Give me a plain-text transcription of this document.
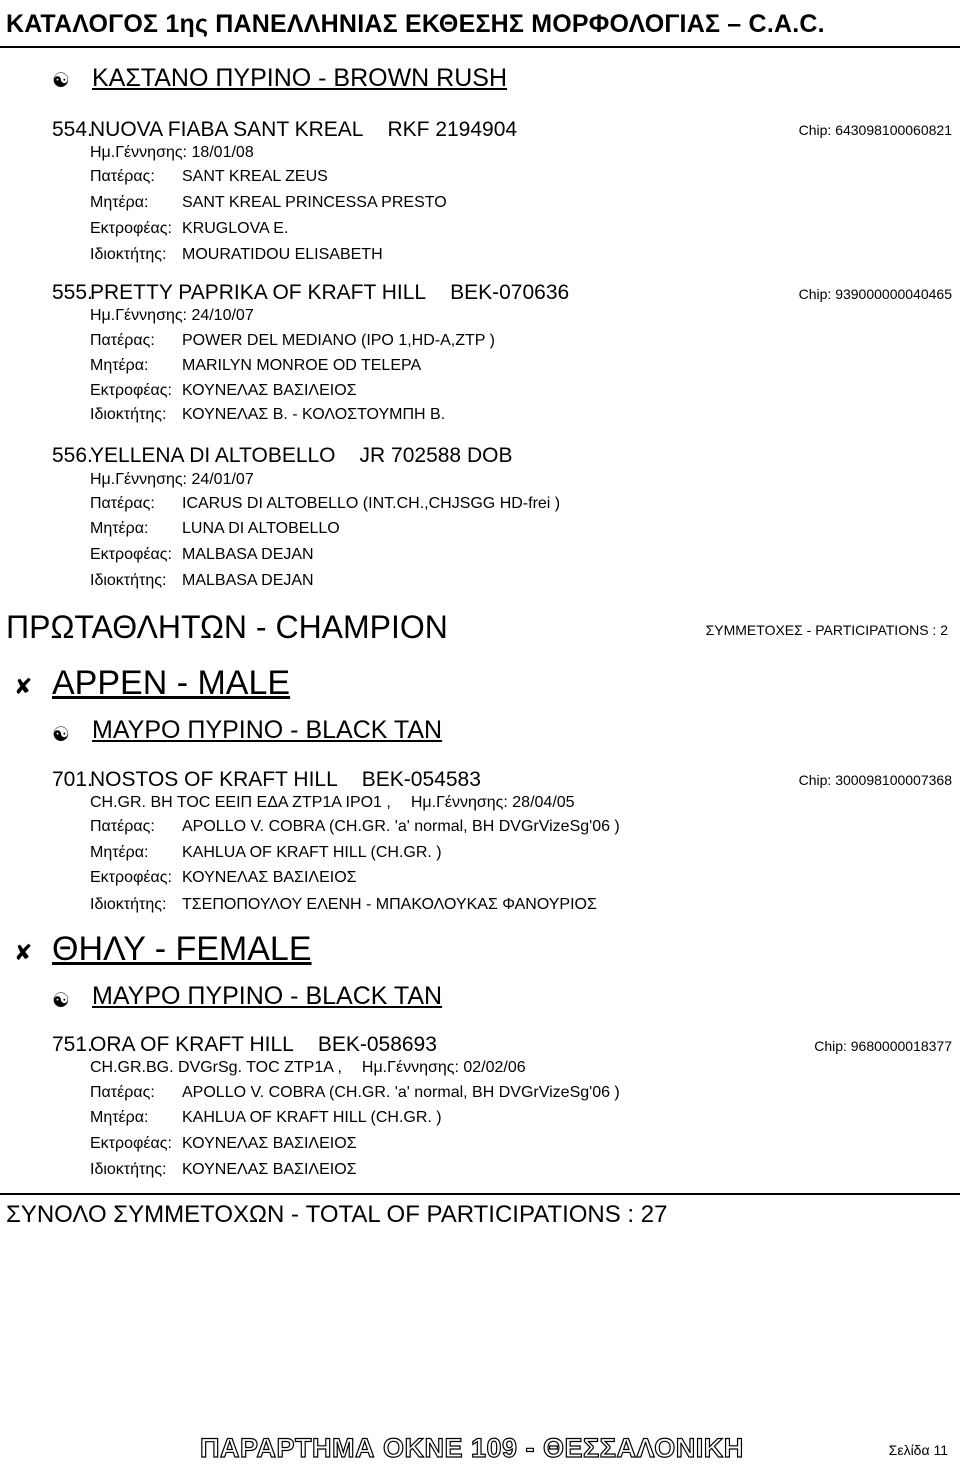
ΚΑΤΑΛΟΓΟΣ 1ης ΠΑΝΕΛΛΗΝΙΑΣ ΕΚΘΕΣΗΣ ΜΟΡΦΟΛΟΓΙΑΣ – C.A.C.
☯ ΚΑΣΤΑΝΟ ΠΥΡΙΝΟ - BROWN RUSH
554.NUOVA FIABA SANT KREAL RKF 2194904	Chip: 643098100060821
Ημ.Γέννησης: 18/01/08
Πατέρας: SANT KREAL ZEUS
Μητέρα: SANT KREAL PRINCESSA PRESTO
Εκτροφέας: KRUGLOVA E.
Ιδιοκτήτης: MOURATIDOU ELISABETH
555.PRETTY PAPRIKA OF KRAFT HILL BEK-070636	Chip: 939000000040465
Ημ.Γέννησης: 24/10/07
Πατέρας: POWER DEL MEDIANO (IPO 1,HD-A,ZTP )
Μητέρα: MARILYN MONROE OD TELEPA
Εκτροφέας: ΚΟΥΝΕΛΑΣ ΒΑΣΙΛΕΙΟΣ
Ιδιοκτήτης: ΚΟΥΝΕΛΑΣ Β. - ΚΟΛΟΣΤΟΥΜΠΗ Β.
556.YELLENA DI ALTOBELLO JR 702588 DOB
Ημ.Γέννησης: 24/01/07
Πατέρας: ICARUS DI ALTOBELLO (INT.CH.,CHJSGG HD-frei )
Μητέρα: LUNA DI ALTOBELLO
Εκτροφέας: MALBASA DEJAN
Ιδιοκτήτης: MALBASA DEJAN
ΠΡΩΤΑΘΛΗΤΩΝ - CHAMPION	ΣΥΜΜΕΤΟΧΕΣ - PARTICIPATIONS : 2
✘ ΑΡΡΕΝ - MALE
☯ ΜΑΥΡΟ ΠΥΡΙΝΟ - BLACK TAN
701.NOSTOS OF KRAFT HILL BEK-054583	Chip: 300098100007368
CH.GR. BH TOC ΕΕΙΠ ΕΔΑ ZTP1A IPO1 , Ημ.Γέννησης: 28/04/05
Πατέρας: APOLLO V. COBRA (CH.GR. 'a' normal, BH DVGrVizeSg'06 )
Μητέρα: KAHLUA OF KRAFT HILL (CH.GR. )
Εκτροφέας: ΚΟΥΝΕΛΑΣ ΒΑΣΙΛΕΙΟΣ
Ιδιοκτήτης: ΤΣΕΠΟΠΟΥΛΟΥ ΕΛΕΝΗ - ΜΠΑΚΟΛΟΥΚΑΣ ΦΑΝΟΥΡΙΟΣ
✘ ΘΗΛΥ - FEMALE
☯ ΜΑΥΡΟ ΠΥΡΙΝΟ - BLACK TAN
751.ORA OF KRAFT HILL BEK-058693	Chip: 9680000018377
CH.GR.BG. DVGrSg. TOC ZTP1A , Ημ.Γέννησης: 02/02/06
Πατέρας: APOLLO V. COBRA (CH.GR. 'a' normal, BH DVGrVizeSg'06 )
Μητέρα: KAHLUA OF KRAFT HILL (CH.GR. )
Εκτροφέας: ΚΟΥΝΕΛΑΣ ΒΑΣΙΛΕΙΟΣ
Ιδιοκτήτης: ΚΟΥΝΕΛΑΣ ΒΑΣΙΛΕΙΟΣ
ΣΥΝΟΛΟ ΣΥΜΜΕΤΟΧΩΝ - TOTAL OF PARTICIPATIONS : 27
ΠΑΡΑΡΤΗΜΑ ΟΚΝΕ 109 - ΘΕΣΣΑΛΟΝΙΚΗ	Σελίδα 11
